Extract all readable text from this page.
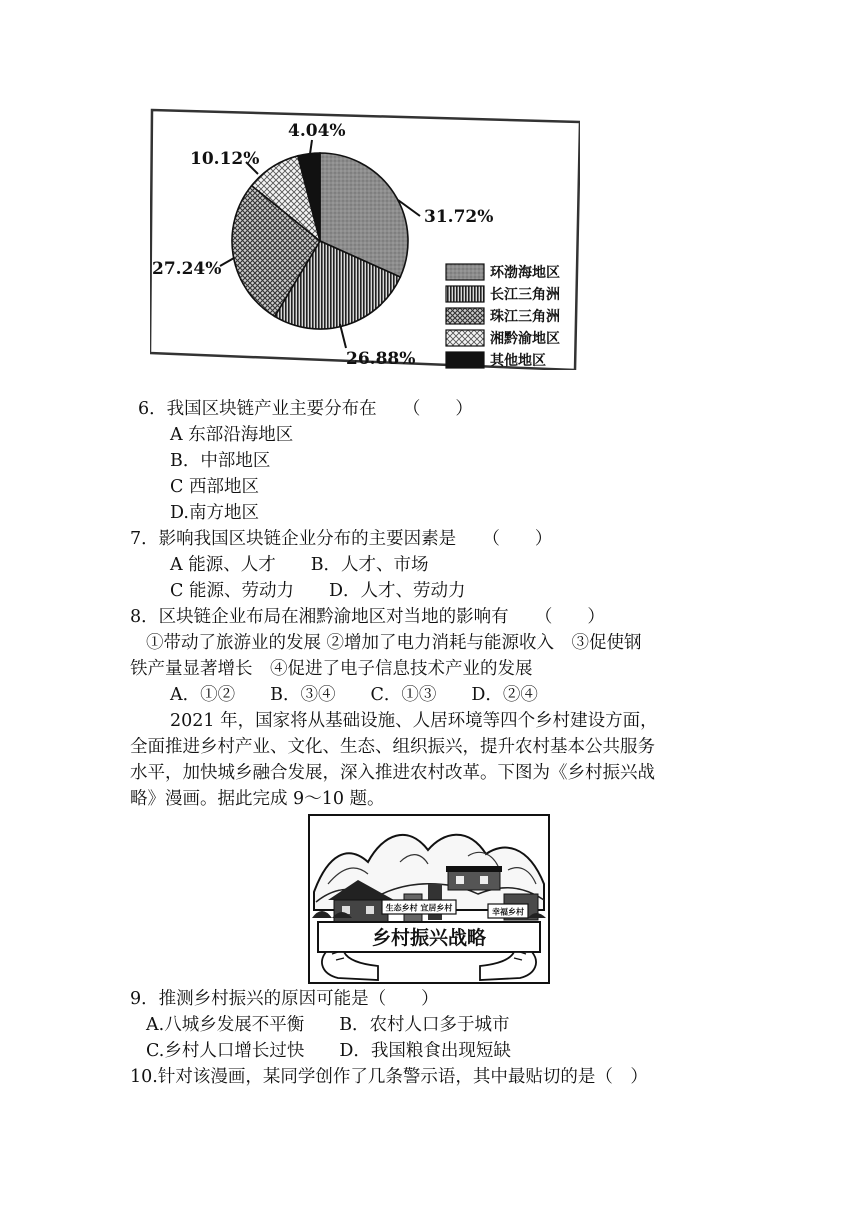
31.72%
26.88%
27.24%
10.12%
4.04%
环渤海地区
长江三角洲
珠江三角洲
湘黔渝地区
其他地区
6．我国区块链产业主要分布在　　（　　）
A 东部沿海地区
B．中部地区
C 西部地区
D.南方地区
7．影响我国区块链企业分布的主要因素是　　（　　）
A 能源、人才　　B．人才、市场
C 能源、劳动力　　D．人才、劳动力
8．区块链企业布局在湘黔渝地区对当地的影响有　　（　　）
①带动了旅游业的发展 ②增加了电力消耗与能源收入　③促使钢
铁产量显著增长　④促进了电子信息技术产业的发展
A．①②　　B．③④　　C．①③　　D．②④
2021 年，国家将从基础设施、人居环境等四个乡村建设方面，
全面推进乡村产业、文化、生态、组织振兴，提升农村基本公共服务
水平，加快城乡融合发展，深入推进农村改革。下图为《乡村振兴战
略》漫画。据此完成 9～10 题。
生态乡村 宜居乡村	幸福乡村
乡村振兴战略
9．推测乡村振兴的原因可能是（　　）
A.八城乡发展不平衡　　B．农村人口多于城市
C.乡村人口增长过快　　D．我国粮食出现短缺
10.针对该漫画，某同学创作了几条警示语，其中最贴切的是（　）
